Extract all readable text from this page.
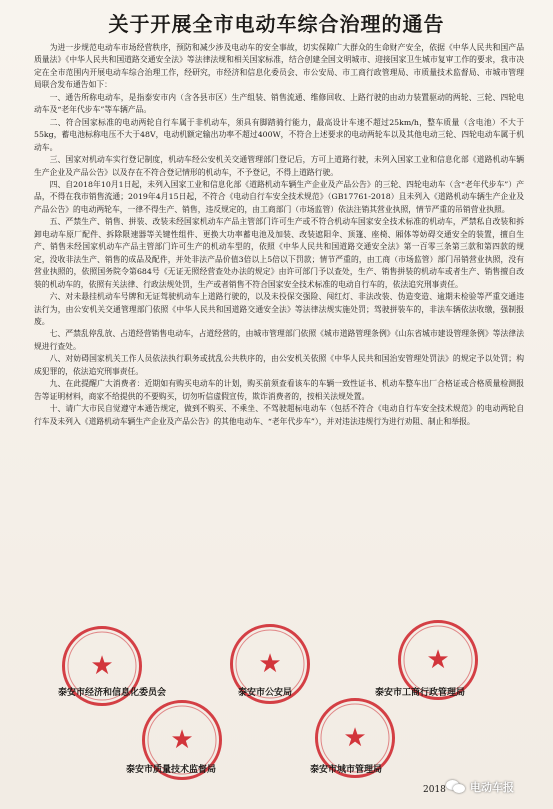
关于开展全市电动车综合治理的通告

为进一步规范电动车市场经营秩序，预防和减少涉及电动车的安全事故，切实保障广大群众的生命财产安全，依据《中华人民共和国产品质量法》《中华人民共和国道路交通安全法》等法律法规和相关国家标准，结合创建全国文明城市、迎接国家卫生城市复审工作的要求，我市决定在全市范围内开展电动车综合治理工作，经研究，市经济和信息化委员会、市公安局、市工商行政管理局、市质量技术监督局、市城市管理局联合发布通告如下：

一、通告所称电动车，是指泰安市内（含各县市区）生产组装、销售流通、维修回收、上路行驶的由动力装置驱动的两轮、三轮、四轮电动车及“老年代步车”等车辆产品。

二、符合国家标准的电动两轮自行车属于非机动车，须具有脚踏骑行能力，最高设计车速不超过25km/h，整车质量（含电池）不大于55kg，蓄电池标称电压不大于48V，电动机额定输出功率不超过400W，不符合上述要求的电动两轮车以及其他电动三轮、四轮电动车属于机动车。

三、国家对机动车实行登记制度，机动车经公安机关交通管理部门登记后，方可上道路行驶，未列入国家工业和信息化部《道路机动车辆生产企业及产品公告》以及存在不符合登记情形的机动车，不予登记，不得上道路行驶。

四、自2018年10月1日起，未列入国家工业和信息化部《道路机动车辆生产企业及产品公告》的三轮、四轮电动车（含“老年代步车”）产品，不得在我市销售流通；2019年4月15日起，不符合《电动自行车安全技术规范》（GB17761-2018）且未列入《道路机动车辆生产企业及产品公告》的电动两轮车，一律不得生产、销售，违反规定的，由工商部门（市场监管）依法注销其营业执照，情节严重的吊销营业执照。

五、严禁生产、销售、拼装、改装未经国家机动车产品主管部门许可生产或不符合机动车国家安全技术标准的机动车，严禁私自改装和拆卸电动车原厂配件、拆除限速器等关键性组件、更换大功率蓄电池及加装、改装遮阳伞、顶篷、座椅、厢体等妨碍交通安全的装置，擅自生产、销售未经国家机动车产品主管部门许可生产的机动车型的，依照《中华人民共和国道路交通安全法》第一百零三条第三款和第四款的规定，没收非法生产、销售的成品及配件，并处非法产品价值3倍以上5倍以下罚款；情节严重的，由工商（市场监管）部门吊销营业执照，没有营业执照的，依照国务院令第684号《无证无照经营查处办法的规定》由许可部门予以查处，生产、销售拼装的机动车或者生产、销售擅自改装的机动车的，依照有关法律、行政法规处罚，生产或者销售不符合国家安全技术标准的电动自行车的，依法追究刑事责任。

六、对未悬挂机动车号牌和无证驾驶机动车上道路行驶的，以及未投保交强险、闯红灯、非法改装、伪造变造、逾期未检验等严重交通违法行为，由公安机关交通管理部门依照《中华人民共和国道路交通安全法》等法律法规实施处罚；驾驶拼装车的，非法车辆依法收缴，强制报废。

七、严禁乱停乱放、占道经营销售电动车，占道经营的，由城市管理部门依照《城市道路管理条例》《山东省城市建设管理条例》等法律法规进行查处。

八、对妨碍国家机关工作人员依法执行职务或扰乱公共秩序的，由公安机关依照《中华人民共和国治安管理处罚法》的规定予以处罚；构成犯罪的，依法追究刑事责任。

九、在此提醒广大消费者：近期如有购买电动车的计划，购买前须查看该车的车辆一致性证书、机动车整车出厂合格证或合格质量检测报告等证明材料，商家不给提供的不要购买，切勿听信虚假宣传，欺诈消费者的，按相关法规处置。

十、请广大市民自觉遵守本通告规定，做到不购买、不乘坐、不驾驶超标电动车（包括不符合《电动自行车安全技术规范》的电动两轮自行车及未列入《道路机动车辆生产企业及产品公告》的其他电动车、“老年代步车”），并对违法违规行为进行劝阻、制止和举报。

★	★	★
★	★
泰安市经济和信息化委员会	泰安市公安局	泰安市工商行政管理局
泰安市质量技术监督局	泰安市城市管理局
2018 电动车报
